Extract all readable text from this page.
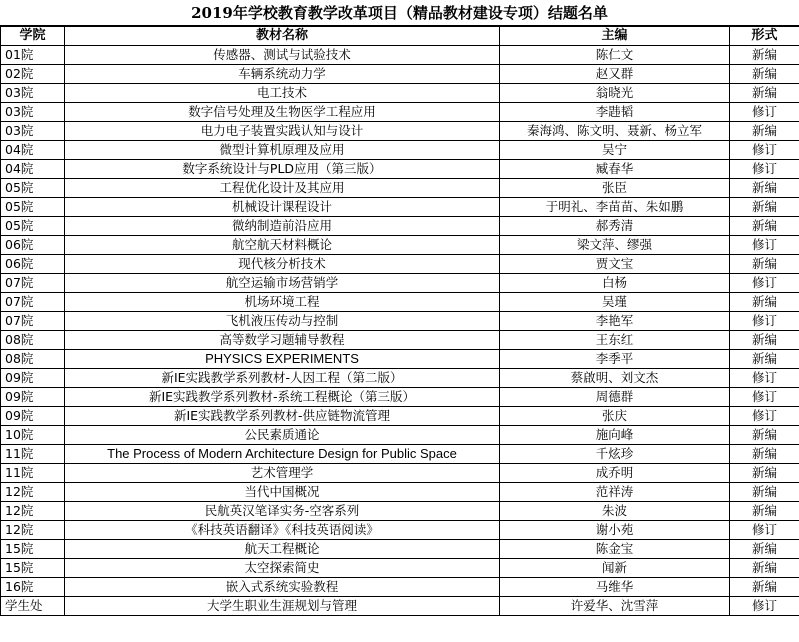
2019年学校教育教学改革项目（精品教材建设专项）结题名单
学院	教材名称	主编	形式
01院	传感器、测试与试验技术	陈仁文	新编
02院	车辆系统动力学	赵又群	新编
03院	电工技术	翁晓光	新编
03院	数字信号处理及生物医学工程应用	李韪韬	修订
03院	电力电子装置实践认知与设计	秦海鸿、陈文明、聂新、杨立军	新编
04院	微型计算机原理及应用	吴宁	修订
04院	数字系统设计与PLD应用（第三版）	臧春华	修订
05院	工程优化设计及其应用	张臣	新编
05院	机械设计课程设计	于明礼、李苗苗、朱如鹏	新编
05院	微纳制造前沿应用	郝秀清	新编
06院	航空航天材料概论	梁文萍、缪强	修订
06院	现代核分析技术	贾文宝	新编
07院	航空运输市场营销学	白杨	修订
07院	机场环境工程	吴瑾	新编
07院	飞机液压传动与控制	李艳军	修订
08院	高等数学习题辅导教程	王东红	新编
08院	PHYSICS EXPERIMENTS	李季平	新编
09院	新IE实践教学系列教材-人因工程（第二版）	蔡啟明、刘文杰	修订
09院	新IE实践教学系列教材-系统工程概论（第三版）	周德群	修订
09院	新IE实践教学系列教材-供应链物流管理	张庆	修订
10院	公民素质通论	施向峰	新编
11院	The Process of Modern Architecture Design for Public Space	千炫珍	新编
11院	艺术管理学	成乔明	新编
12院	当代中国概况	范祥涛	新编
12院	民航英汉笔译实务-空客系列	朱波	新编
12院	《科技英语翻译》《科技英语阅读》	谢小苑	修订
15院	航天工程概论	陈金宝	新编
15院	太空探索简史	闻新	新编
16院	嵌入式系统实验教程	马维华	新编
学生处	大学生职业生涯规划与管理	许爱华、沈雪萍	修订
